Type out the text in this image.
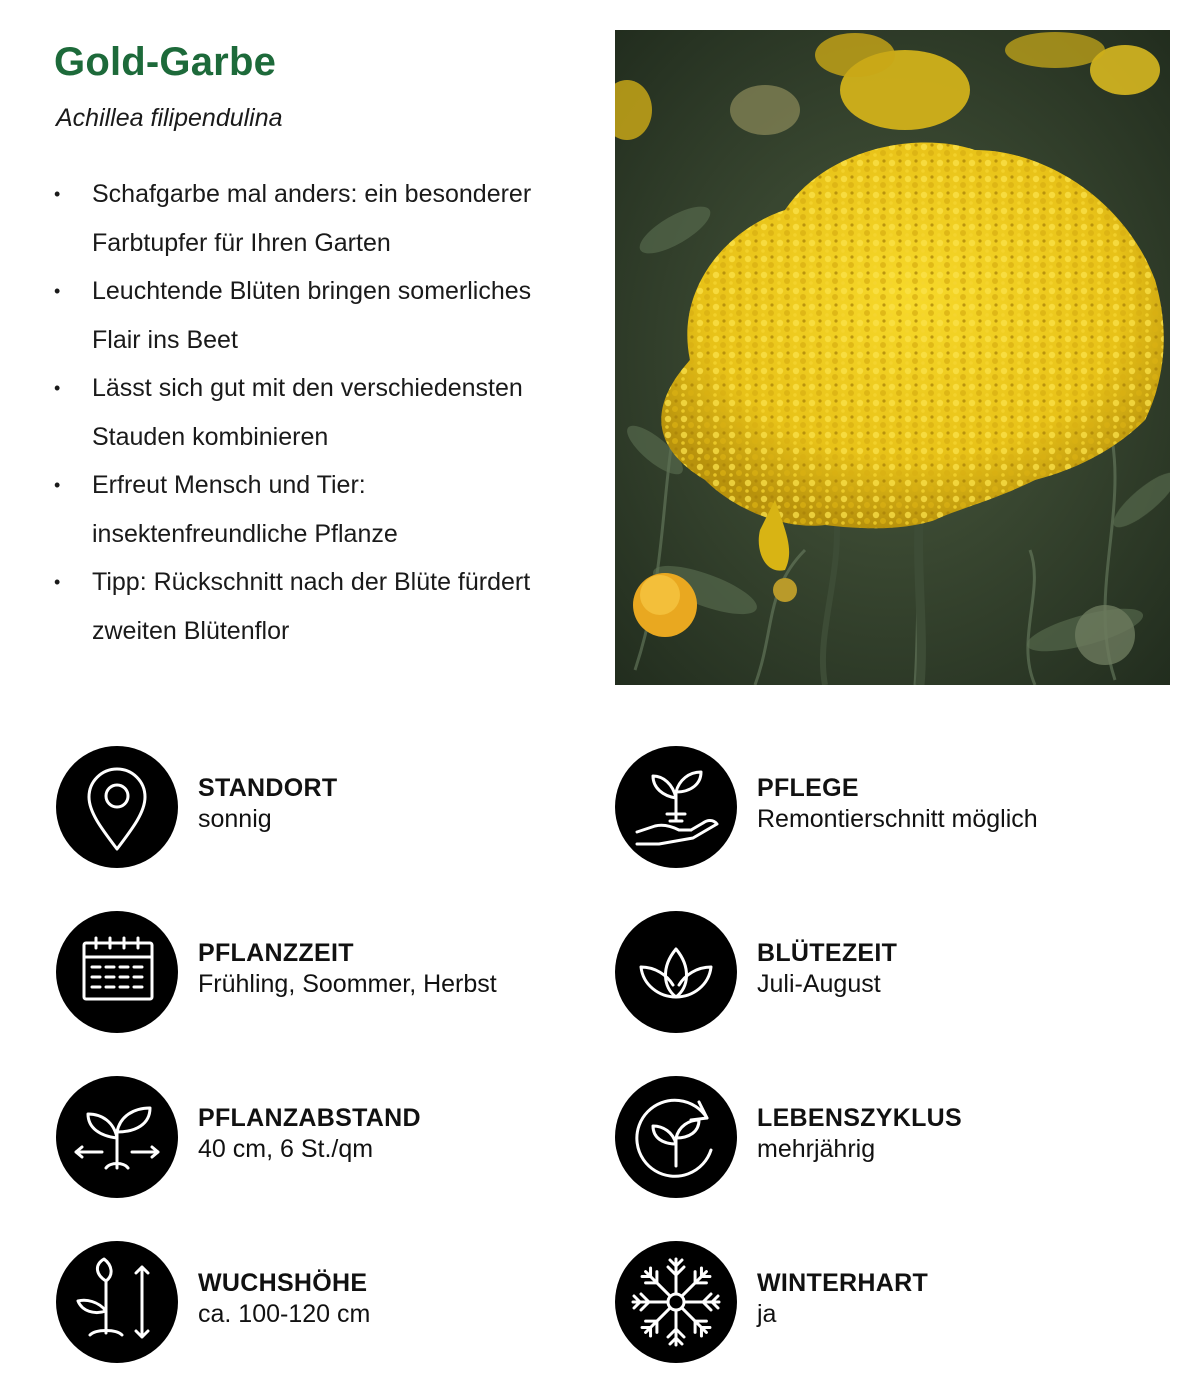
Gold-Garbe
Achillea filipendulina
• Schafgarbe mal anders: ein besonderer
Farbtupfer für Ihren Garten
• Leuchtende Blüten bringen somerliches
Flair ins Beet
• Lässt sich gut mit den verschiedensten
Stauden kombinieren
• Erfreut Mensch und Tier:
insektenfreundliche Pflanze
• Tipp: Rückschnitt nach der Blüte fürdert
zweiten Blütenflor
STANDORT
sonnig
PFLEGE
Remontierschnitt möglich
PFLANZZEIT
Frühling, Soommer, Herbst
BLÜTEZEIT
Juli-August
PFLANZABSTAND
40 cm, 6 St./qm
LEBENSZYKLUS
mehrjährig
WUCHSHÖHE
ca. 100-120 cm
WINTERHART
ja
